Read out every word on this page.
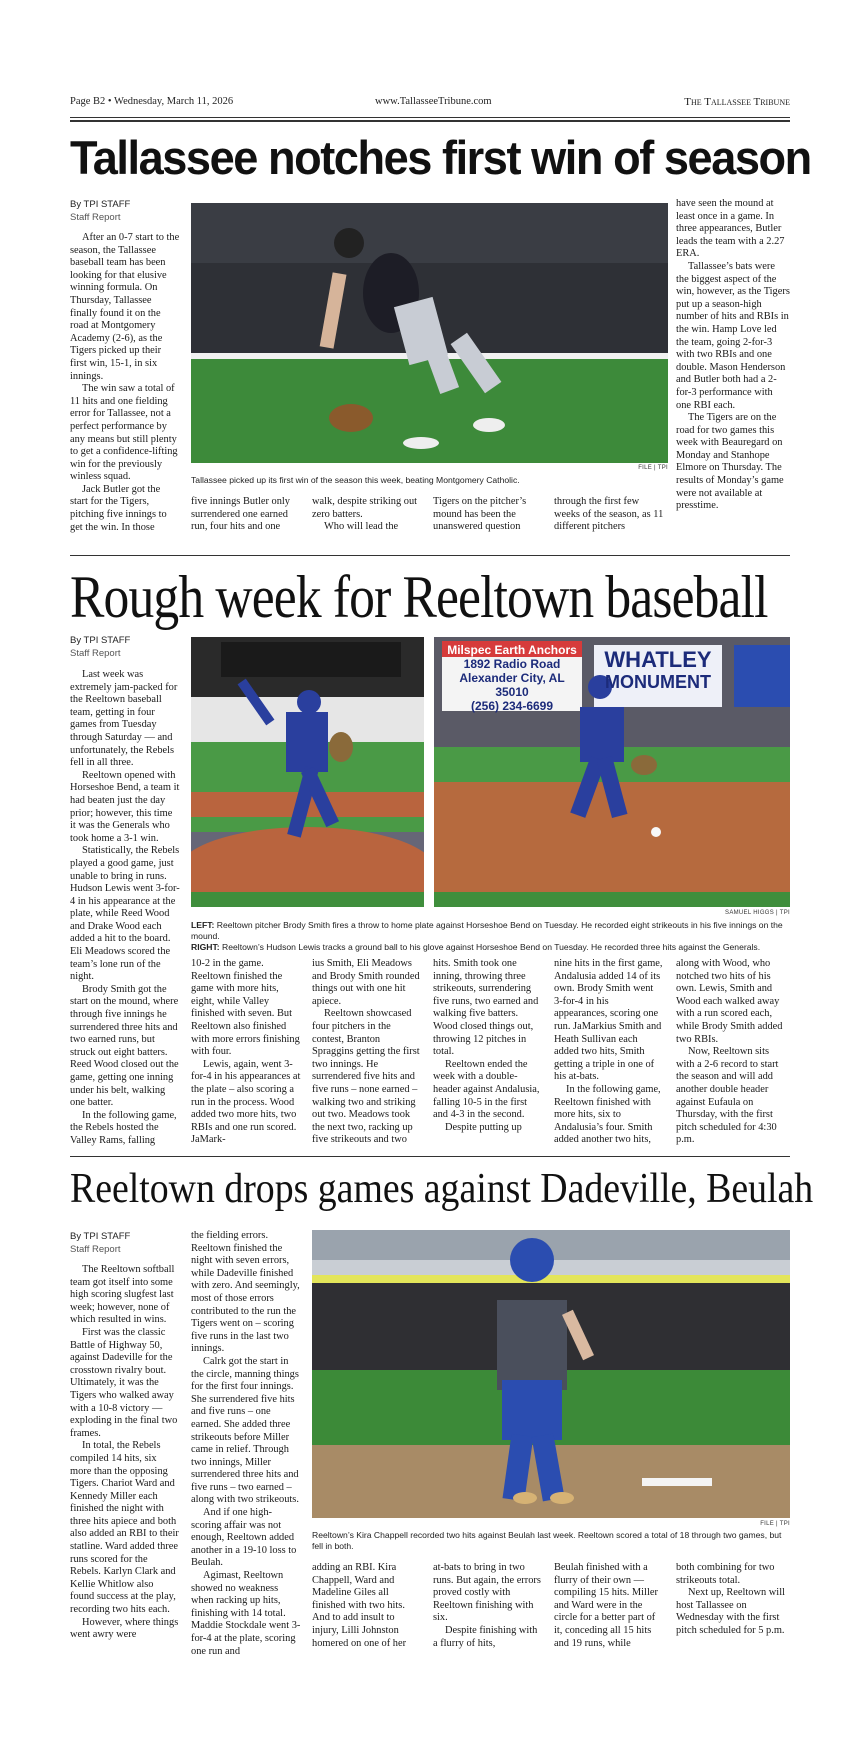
Page B2 • Wednesday, March 11, 2026	www.TallasseeTribune.com	The Tallassee Tribune
Tallassee notches first win of season
By TPI STAFF
Staff Report

After an 0-7 start to the season, the Tallassee baseball team has been looking for that elusive winning formula. On Thursday, Tallassee finally found it on the road at Montgomery Academy (2-6), as the Tigers picked up their first win, 15-1, in six innings.

The win saw a total of 11 hits and one fielding error for Tallassee, not a perfect performance by any means but still plenty to get a confidence-lifting win for the previously winless squad.

Jack Butler got the start for the Tigers, pitching five innings to get the win. In those

FILE | TPI
Tallassee picked up its first win of the season this week, beating Montgomery Catholic.

five innings Butler only surrendered one earned run, four hits and one

walk, despite striking out zero batters.

Who will lead the

Tigers on the pitcher’s mound has been the unanswered question

through the first few weeks of the season, as 11 different pitchers

have seen the mound at least once in a game. In three appearances, Butler leads the team with a 2.27 ERA.

Tallassee’s bats were the biggest aspect of the win, however, as the Tigers put up a season-high number of hits and RBIs in the win. Hamp Love led the team, going 2-for-3 with two RBIs and one double. Mason Henderson and Butler both had a 2-for-3 performance with one RBI each.

The Tigers are on the road for two games this week with Beauregard on Monday and Stanhope Elmore on Thursday. The results of Monday’s game were not available at presstime.

Rough week for Reeltown baseball
By TPI STAFF
Staff Report

Last week was extremely jam-packed for the Reeltown baseball team, getting in four games from Tuesday through Saturday — and unfortunately, the Rebels fell in all three.

Reeltown opened with Horseshoe Bend, a team it had beaten just the day prior; however, this time it was the Generals who took home a 3-1 win.

Statistically, the Rebels played a good game, just unable to bring in runs. Hudson Lewis went 3-for-4 in his appearance at the plate, while Reed Wood and Drake Wood each added a hit to the board. Eli Meadows scored the team’s lone run of the night.

Brody Smith got the start on the mound, where through five innings he surrendered three hits and two earned runs, but struck out eight batters. Reed Wood closed out the game, getting one inning under his belt, walking one batter.

In the following game, the Rebels hosted the Valley Rams, falling

Milspec Earth Anchors
1892 Radio Road
Alexander City, AL 35010
(256) 234-6699
WHATLEY
MONUMENT
SAMUEL HIGGS | TPI
LEFT: Reeltown pitcher Brody Smith fires a throw to home plate against Horseshoe Bend on Tuesday. He recorded eight strikeouts in his five innings on the mound.
RIGHT: Reeltown’s Hudson Lewis tracks a ground ball to his glove against Horseshoe Bend on Tuesday. He recorded three hits against the Generals.

10-2 in the game. Reeltown finished the game with more hits, eight, while Valley finished with seven. But Reeltown also finished with more errors finishing with four.

Lewis, again, went 3-for-4 in his appearances at the plate – also scoring a run in the process. Wood added two more hits, two RBIs and one run scored. JaMark-

ius Smith, Eli Meadows and Brody Smith rounded things out with one hit apiece.

Reeltown showcased four pitchers in the contest, Branton Spraggins getting the first two innings. He surrendered five hits and five runs – none earned – walking two and striking out two. Meadows took the next two, racking up five strikeouts and two

hits. Smith took one inning, throwing three strikeouts, surrendering five runs, two earned and walking five batters. Wood closed things out, throwing 12 pitches in total.

Reeltown ended the week with a double-header against Andalusia, falling 10-5 in the first and 4-3 in the second.

Despite putting up

nine hits in the first game, Andalusia added 14 of its own. Brody Smith went 3-for-4 in his appearances, scoring one run. JaMarkius Smith and Heath Sullivan each added two hits, Smith getting a triple in one of his at-bats.

In the following game, Reeltown finished with more hits, six to Andalusia’s four. Smith added another two hits,

along with Wood, who notched two hits of his own. Lewis, Smith and Wood each walked away with a run scored each, while Brody Smith added two RBIs.

Now, Reeltown sits with a 2-6 record to start the season and will add another double header against Eufaula on Thursday, with the first pitch scheduled for 4:30 p.m.

Reeltown drops games against Dadeville, Beulah
By TPI STAFF
Staff Report

The Reeltown softball team got itself into some high scoring slugfest last week; however, none of which resulted in wins.

First was the classic Battle of Highway 50, against Dadeville for the crosstown rivalry bout. Ultimately, it was the Tigers who walked away with a 10-8 victory — exploding in the final two frames.

In total, the Rebels compiled 14 hits, six more than the opposing Tigers. Chariot Ward and Kennedy Miller each finished the night with three hits apiece and both also added an RBI to their statline. Ward added three runs scored for the Rebels. Karlyn Clark and Kellie Whitlow also found success at the play, recording two hits each.

However, where things went awry were

the fielding errors. Reeltown finished the night with seven errors, while Dadeville finished with zero. And seemingly, most of those errors contributed to the run the Tigers went on – scoring five runs in the last two innings.

Calrk got the start in the circle, manning things for the first four innings. She surrendered five hits and five runs – one earned. She added three strikeouts before Miller came in relief. Through two innings, Miller surrendered three hits and five runs – two earned – along with two strikeouts.

And if one high-scoring affair was not enough, Reeltown added another in a 19-10 loss to Beulah.

Agimast, Reeltown showed no weakness when racking up hits, finishing with 14 total. Maddie Stockdale went 3-for-4 at the plate, scoring one run and

FILE | TPI
Reeltown’s Kira Chappell recorded two hits against Beulah last week. Reeltown scored a total of 18 through two games, but fell in both.

adding an RBI. Kira Chappell, Ward and Madeline Giles all finished with two hits. And to add insult to injury, Lilli Johnston homered on one of her

at-bats to bring in two runs. But again, the errors proved costly with Reeltown finishing with six.

Despite finishing with a flurry of hits,

Beulah finished with a flurry of their own — compiling 15 hits. Miller and Ward were in the circle for a better part of it, conceding all 15 hits and 19 runs, while

both combining for two strikeouts total.

Next up, Reeltown will host Tallassee on Wednesday with the first pitch scheduled for 5 p.m.
